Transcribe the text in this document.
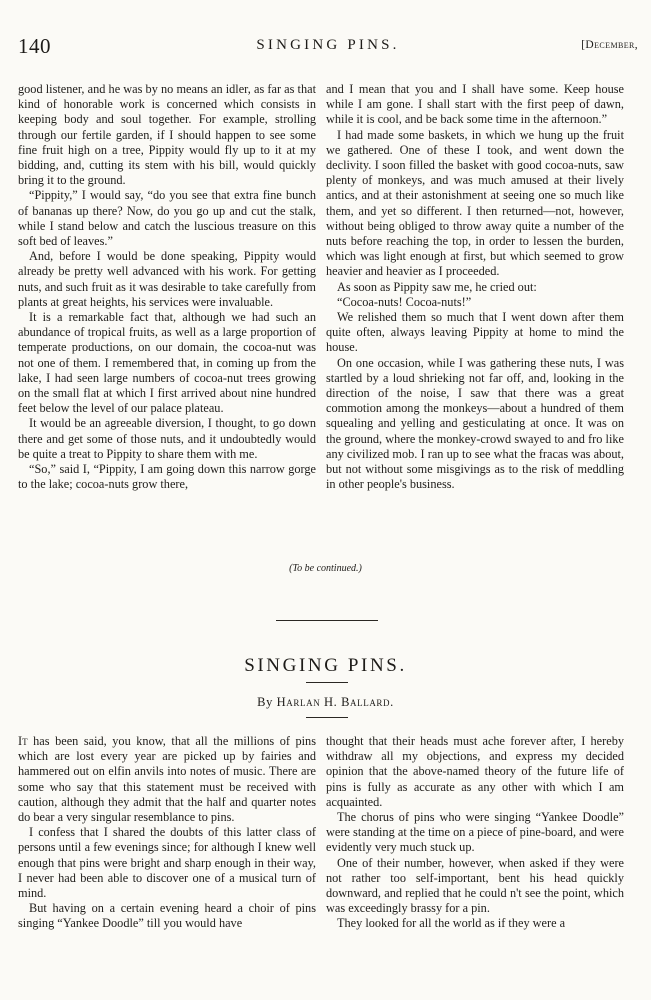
140	SINGING PINS.	[December,

good listener, and he was by no means an idler, as far as that kind of honorable work is concerned which consists in keeping body and soul together. For example, strolling through our fertile garden, if I should happen to see some fine fruit high on a tree, Pippity would fly up to it at my bidding, and, cutting its stem with his bill, would quickly bring it to the ground.

“Pippity,” I would say, “do you see that extra fine bunch of bananas up there? Now, do you go up and cut the stalk, while I stand below and catch the luscious treasure on this soft bed of leaves.”

And, before I would be done speaking, Pippity would already be pretty well advanced with his work. For getting nuts, and such fruit as it was desirable to take carefully from plants at great heights, his services were invaluable.

It is a remarkable fact that, although we had such an abundance of tropical fruits, as well as a large proportion of temperate productions, on our domain, the cocoa-nut was not one of them. I remembered that, in coming up from the lake, I had seen large numbers of cocoa-nut trees growing on the small flat at which I first arrived about nine hundred feet below the level of our palace plateau.

It would be an agreeable diversion, I thought, to go down there and get some of those nuts, and it undoubtedly would be quite a treat to Pippity to share them with me.

“So,” said I, “Pippity, I am going down this narrow gorge to the lake; cocoa-nuts grow there,

and I mean that you and I shall have some. Keep house while I am gone. I shall start with the first peep of dawn, while it is cool, and be back some time in the afternoon.”

I had made some baskets, in which we hung up the fruit we gathered. One of these I took, and went down the declivity. I soon filled the basket with good cocoa-nuts, saw plenty of monkeys, and was much amused at their lively antics, and at their astonishment at seeing one so much like them, and yet so different. I then returned—not, however, without being obliged to throw away quite a number of the nuts before reaching the top, in order to lessen the burden, which was light enough at first, but which seemed to grow heavier and heavier as I proceeded.

As soon as Pippity saw me, he cried out:

“Cocoa-nuts! Cocoa-nuts!”

We relished them so much that I went down after them quite often, always leaving Pippity at home to mind the house.

On one occasion, while I was gathering these nuts, I was startled by a loud shrieking not far off, and, looking in the direction of the noise, I saw that there was a great commotion among the monkeys—about a hundred of them squealing and yelling and gesticulating at once. It was on the ground, where the monkey-crowd swayed to and fro like any civilized mob. I ran up to see what the fracas was about, but not without some misgivings as to the risk of meddling in other people's business.

(To be continued.)
SINGING PINS.
By Harlan H. Ballard.

It has been said, you know, that all the millions of pins which are lost every year are picked up by fairies and hammered out on elfin anvils into notes of music. There are some who say that this statement must be received with caution, although they admit that the half and quarter notes do bear a very singular resemblance to pins.

I confess that I shared the doubts of this latter class of persons until a few evenings since; for although I knew well enough that pins were bright and sharp enough in their way, I never had been able to discover one of a musical turn of mind.

But having on a certain evening heard a choir of pins singing “Yankee Doodle” till you would have

thought that their heads must ache forever after, I hereby withdraw all my objections, and express my decided opinion that the above-named theory of the future life of pins is fully as accurate as any other with which I am acquainted.

The chorus of pins who were singing “Yankee Doodle” were standing at the time on a piece of pine-board, and were evidently very much stuck up.

One of their number, however, when asked if they were not rather too self-important, bent his head quickly downward, and replied that he could n't see the point, which was exceedingly brassy for a pin.

They looked for all the world as if they were a
